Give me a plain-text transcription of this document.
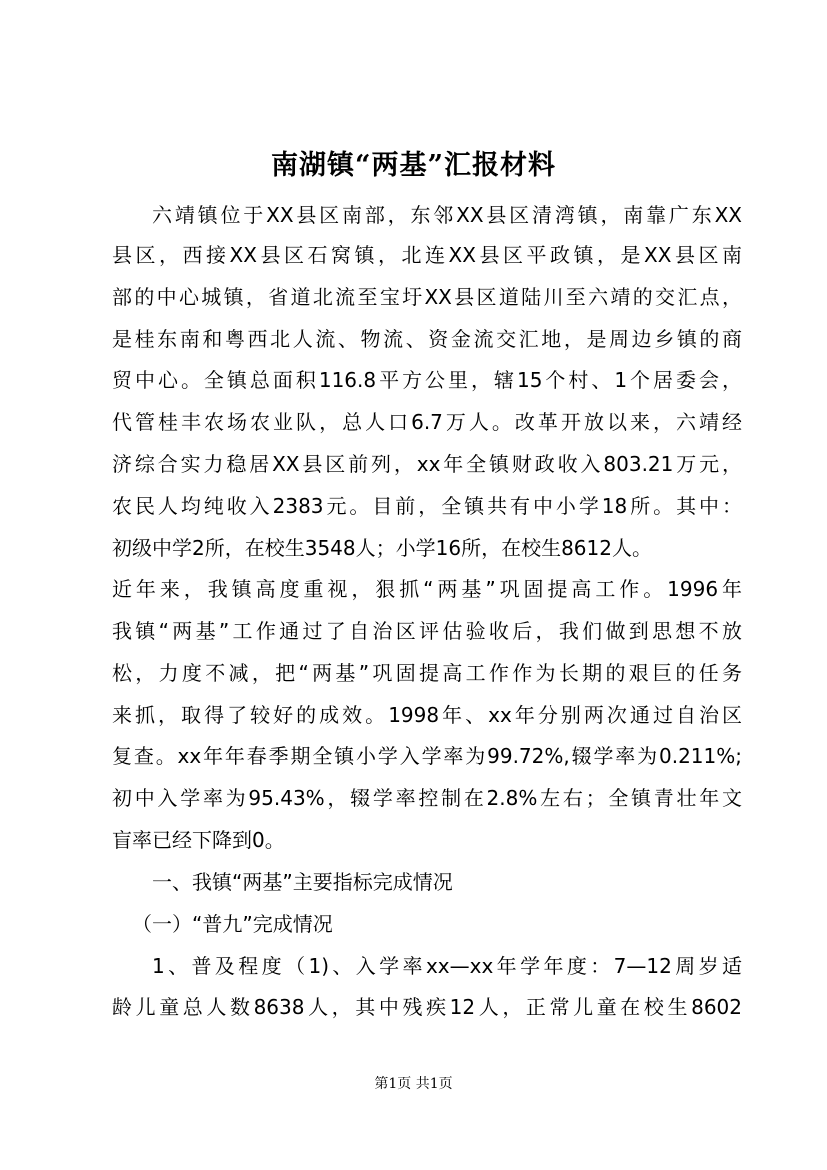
南湖镇“两基”汇报材料
六靖镇位于XX县区南部，东邻XX县区清湾镇，南靠广东XX
县区，西接XX县区石窝镇，北连XX县区平政镇，是XX县区南
部的中心城镇，省道北流至宝圩XX县区道陆川至六靖的交汇点，
是桂东南和粤西北人流、物流、资金流交汇地，是周边乡镇的商
贸中心。全镇总面积116.8平方公里，辖15个村、1个居委会，
代管桂丰农场农业队，总人口6.7万人。改革开放以来，六靖经
济综合实力稳居XX县区前列，xx年全镇财政收入803.21万元，
农民人均纯收入2383元。目前，全镇共有中小学18所。其中：
初级中学2所，在校生3548人；小学16所，在校生8612人。
近年来，我镇高度重视，狠抓“两基”巩固提高工作。1996年
我镇“两基”工作通过了自治区评估验收后，我们做到思想不放
松，力度不减，把“两基”巩固提高工作作为长期的艰巨的任务
来抓，取得了较好的成效。1998年、xx年分别两次通过自治区
复查。xx年年春季期全镇小学入学率为99.72%,辍学率为0.211%;
初中入学率为95.43%，辍学率控制在2.8%左右；全镇青壮年文
盲率已经下降到0。
一、我镇“两基”主要指标完成情况
（一）“普九”完成情况
1、普及程度（1)、入学率xx—xx年学年度：7—12周岁适
龄儿童总人数8638人，其中残疾12人，正常儿童在校生8602
第1页 共1页
